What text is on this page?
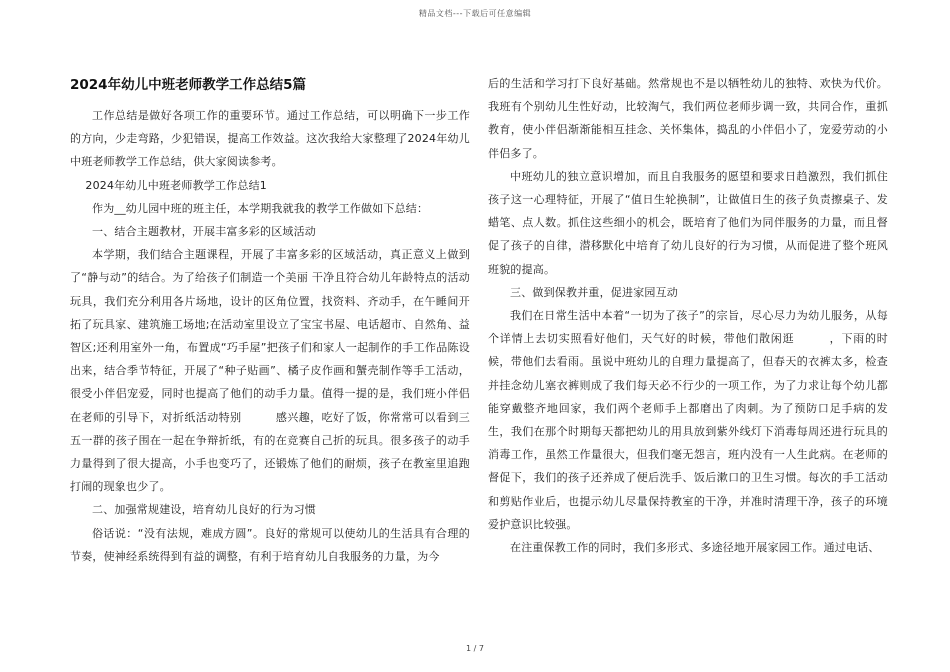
精品文档---下载后可任意编辑
2024年幼儿中班老师教学工作总结5篇

工作总结是做好各项工作的重要环节。通过工作总结，可以明确下一步工作的方向，少走弯路，少犯错误，提高工作效益。这次我给大家整理了2024年幼儿中班老师教学工作总结，供大家阅读参考。

2024年幼儿中班老师教学工作总结1

作为__幼儿园中班的班主任，本学期我就我的教学工作做如下总结：

一、结合主题教材，开展丰富多彩的区域活动

本学期，我们结合主题课程，开展了丰富多彩的区域活动，真正意义上做到了“静与动”的结合。为了给孩子们制造一个美丽 干净且符合幼儿年龄特点的活动玩具，我们充分利用各片场地，设计的区角位置，找资料、齐动手，在午睡间开拓了玩具家、建筑施工场地;在活动室里设立了宝宝书屋、电话超市、自然角、益智区;还利用室外一角，布置成“巧手屋”把孩子们和家人一起制作的手工作品陈设出来，结合季节特征，开展了“种子贴画”、橘子皮作画和蟹壳制作等手工活动，很受小伴侣宠爱，同时也提高了他们的动手力量。值得一提的是，我们班小伴侣在老师的引导下，对折纸活动特别　　　感兴趣，吃好了饭，你常常可以看到三五一群的孩子围在一起在争辩折纸，有的在竞赛自己折的玩具。很多孩子的动手力量得到了很大提高，小手也变巧了，还锻炼了他们的耐烦，孩子在教室里追跑打闹的现象也少了。

二、加强常规建设，培育幼儿良好的行为习惯

俗话说：“没有法规，难成方圆”。良好的常规可以使幼儿的生活具有合理的节奏，使神经系统得到有益的调整，有利于培育幼儿自我服务的力量，为今

后的生活和学习打下良好基础。然常规也不是以牺牲幼儿的独特、欢快为代价。我班有个别幼儿生性好动，比较淘气，我们两位老师步调一致，共同合作，重抓教育，使小伴侣渐渐能相互挂念、关怀集体，捣乱的小伴侣小了，宠爱劳动的小伴侣多了。

中班幼儿的独立意识增加，而且自我服务的愿望和要求日趋激烈，我们抓住孩子这一心理特征，开展了“值日生轮换制”，让做值日生的孩子负责擦桌子、发蜡笔、点人数。抓住这些细小的机会，既培育了他们为同伴服务的力量，而且督促了孩子的自律，潜移默化中培育了幼儿良好的行为习惯，从而促进了整个班风班貌的提高。

三、做到保教并重，促进家园互动

我们在日常生活中本着“一切为了孩子”的宗旨，尽心尽力为幼儿服务，从每个详情上去切实照看好他们，天气好的时候，带他们散闲逛　　　，下雨的时候，带他们去看雨。虽说中班幼儿的自理力量提高了，但春天的衣裤太多，检查并挂念幼儿塞衣裤则成了我们每天必不行少的一项工作，为了力求让每个幼儿都能穿戴整齐地回家，我们两个老师手上都磨出了肉刺。为了预防口足手病的发生，我们在那个时期每天都把幼儿的用具放到紫外线灯下消毒每周还进行玩具的消毒工作，虽然工作量很大，但我们毫无怨言，班内没有一人生此病。在老师的督促下，我们的孩子还养成了便后洗手、饭后漱口的卫生习惯。每次的手工活动和剪贴作业后，也提示幼儿尽量保持教室的干净，并准时清理干净，孩子的环境爱护意识比较强。

在注重保教工作的同时，我们多形式、多途径地开展家园工作。通过电话、

1 / 7
